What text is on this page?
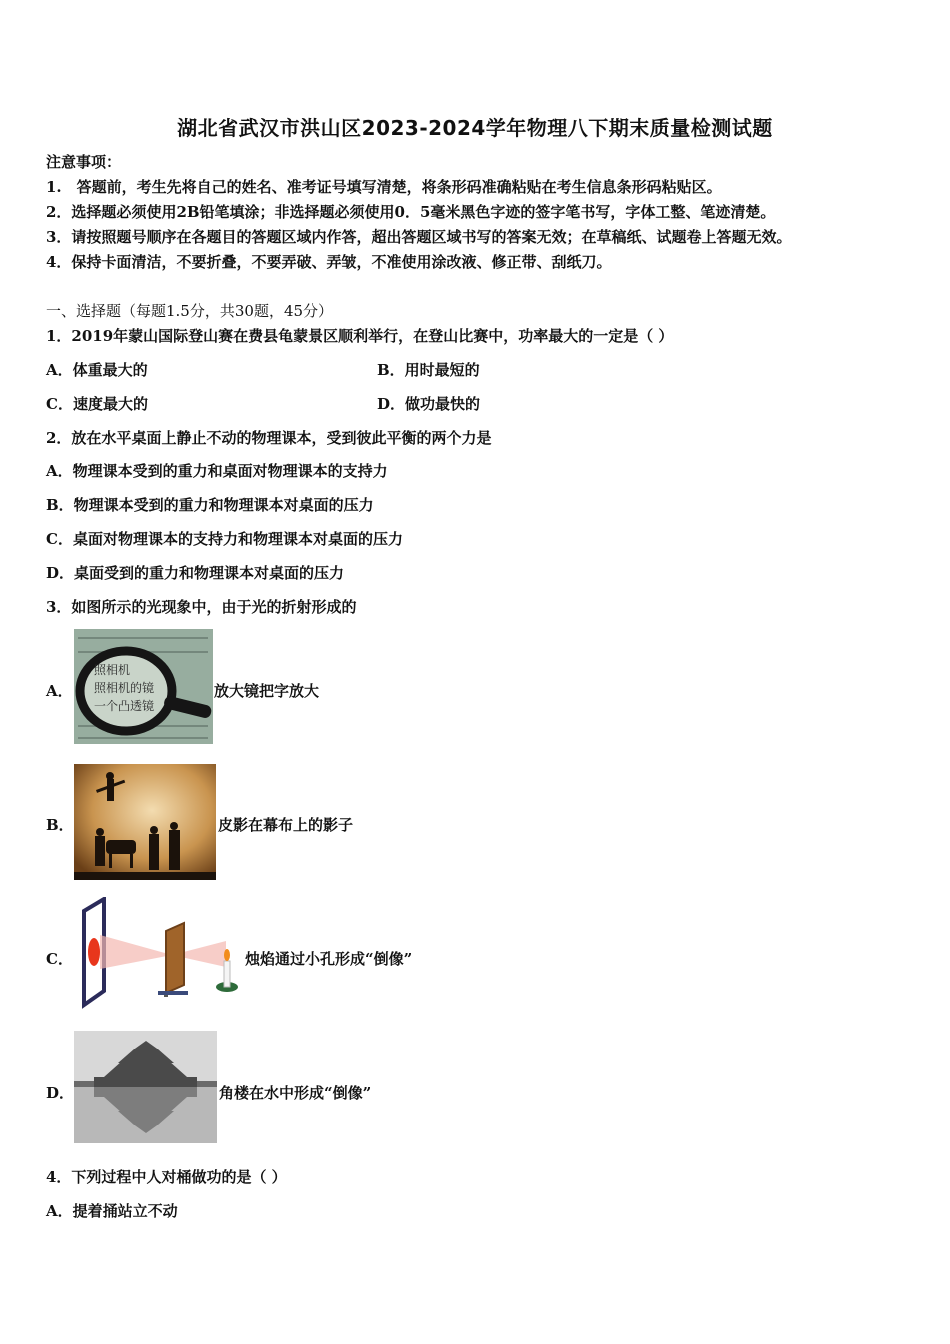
湖北省武汉市洪山区2023-2024学年物理八下期末质量检测试题
注意事项：
1.　答题前，考生先将自己的姓名、准考证号填写清楚，将条形码准确粘贴在考生信息条形码粘贴区。
2．选择题必须使用2B铅笔填涂；非选择题必须使用0．5毫米黑色字迹的签字笔书写，字体工整、笔迹清楚。
3．请按照题号顺序在各题目的答题区域内作答，超出答题区域书写的答案无效；在草稿纸、试题卷上答题无效。
4．保持卡面清洁，不要折叠，不要弄破、弄皱，不准使用涂改液、修正带、刮纸刀。
一、选择题（每题1.5分，共30题，45分）
1．2019年蒙山国际登山赛在费县龟蒙景区顺利举行，在登山比赛中，功率最大的一定是（ ）
A．体重最大的	B．用时最短的
C．速度最大的	D．做功最快的
2．放在水平桌面上静止不动的物理课本，受到彼此平衡的两个力是
A．物理课本受到的重力和桌面对物理课本的支持力
B．物理课本受到的重力和物理课本对桌面的压力
C．桌面对物理课本的支持力和物理课本对桌面的压力
D．桌面受到的重力和物理课本对桌面的压力
3．如图所示的光现象中，由于光的折射形成的
A．
照相机
照相机的镜
一个凸透镜
放大镜把字放大
B．	皮影在幕布上的影子
C．	烛焰通过小孔形成“倒像”
D．	角楼在水中形成“倒像”
4．下列过程中人对桶做功的是（ ）
A．提着捅站立不动
